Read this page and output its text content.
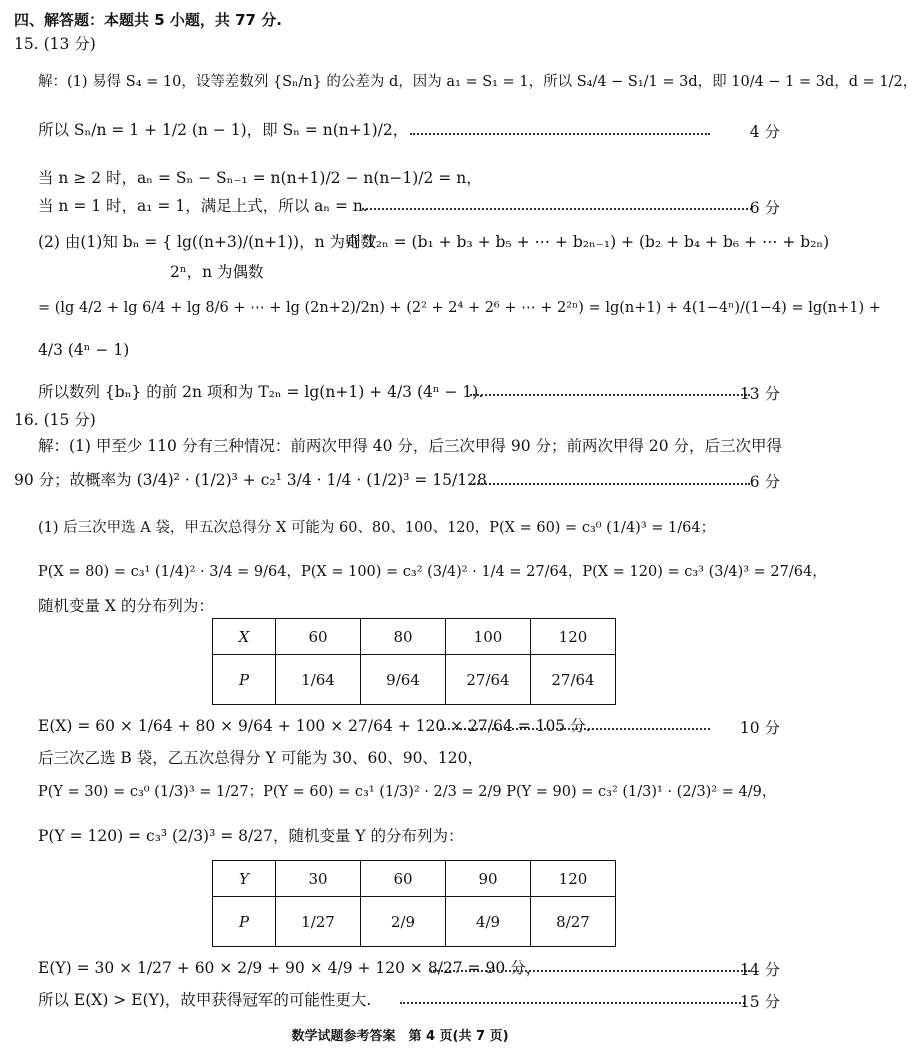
四、解答题：本题共 5 小题，共 77 分.
15. (13 分)
解：(1) 易得 S₄ = 10，设等差数列 {Sₙ/n} 的公差为 d，因为 a₁ = S₁ = 1，所以 S₄/4 − S₁/1 = 3d，即 10/4 − 1 = 3d，d = 1/2，
所以 Sₙ/n = 1 + 1/2 (n − 1)，即 Sₙ = n(n+1)/2，	4 分
当 n ≥ 2 时，aₙ = Sₙ − Sₙ₋₁ = n(n+1)/2 − n(n−1)/2 = n，
当 n = 1 时，a₁ = 1，满足上式，所以 aₙ = n.	6 分
(2) 由(1)知 bₙ = { lg((n+3)/(n+1))，n 为奇数
则 T₂ₙ = (b₁ + b₃ + b₅ + ⋯ + b₂ₙ₋₁) + (b₂ + b₄ + b₆ + ⋯ + b₂ₙ)
2ⁿ，n 为偶数
= (lg 4/2 + lg 6/4 + lg 8/6 + ⋯ + lg (2n+2)/2n) + (2² + 2⁴ + 2⁶ + ⋯ + 2²ⁿ) = lg(n+1) + 4(1−4ⁿ)/(1−4) = lg(n+1) +
4/3 (4ⁿ − 1)
所以数列 {bₙ} 的前 2n 项和为 T₂ₙ = lg(n+1) + 4/3 (4ⁿ − 1).	13 分
16. (15 分)
解：(1) 甲至少 110 分有三种情况：前两次甲得 40 分，后三次甲得 90 分；前两次甲得 20 分，后三次甲得
90 分；故概率为 (3/4)² · (1/2)³ + c₂¹ 3/4 · 1/4 · (1/2)³ = 15/128	6 分
(1) 后三次甲选 A 袋，甲五次总得分 X 可能为 60、80、100、120，P(X = 60) = c₃⁰ (1/4)³ = 1/64；
P(X = 80) = c₃¹ (1/4)² · 3/4 = 9/64，P(X = 100) = c₃² (3/4)² · 1/4 = 27/64，P(X = 120) = c₃³ (3/4)³ = 27/64，
随机变量 X 的分布列为：
X	60	80	100	120
P	1/64	9/64	27/64	27/64
E(X) = 60 × 1/64 + 80 × 9/64 + 100 × 27/64 + 120 × 27/64 = 105 分.	10 分
后三次乙选 B 袋，乙五次总得分 Y 可能为 30、60、90、120，
P(Y = 30) = c₃⁰ (1/3)³ = 1/27；P(Y = 60) = c₃¹ (1/3)² · 2/3 = 2/9 P(Y = 90) = c₃² (1/3)¹ · (2/3)² = 4/9，
P(Y = 120) = c₃³ (2/3)³ = 8/27，随机变量 Y 的分布列为：
Y	30	60	90	120
P	1/27	2/9	4/9	8/27
E(Y) = 30 × 1/27 + 60 × 2/9 + 90 × 4/9 + 120 × 8/27 = 90 分，	14 分
所以 E(X) > E(Y)，故甲获得冠军的可能性更大.	15 分
数学试题参考答案　第 4 页(共 7 页)
